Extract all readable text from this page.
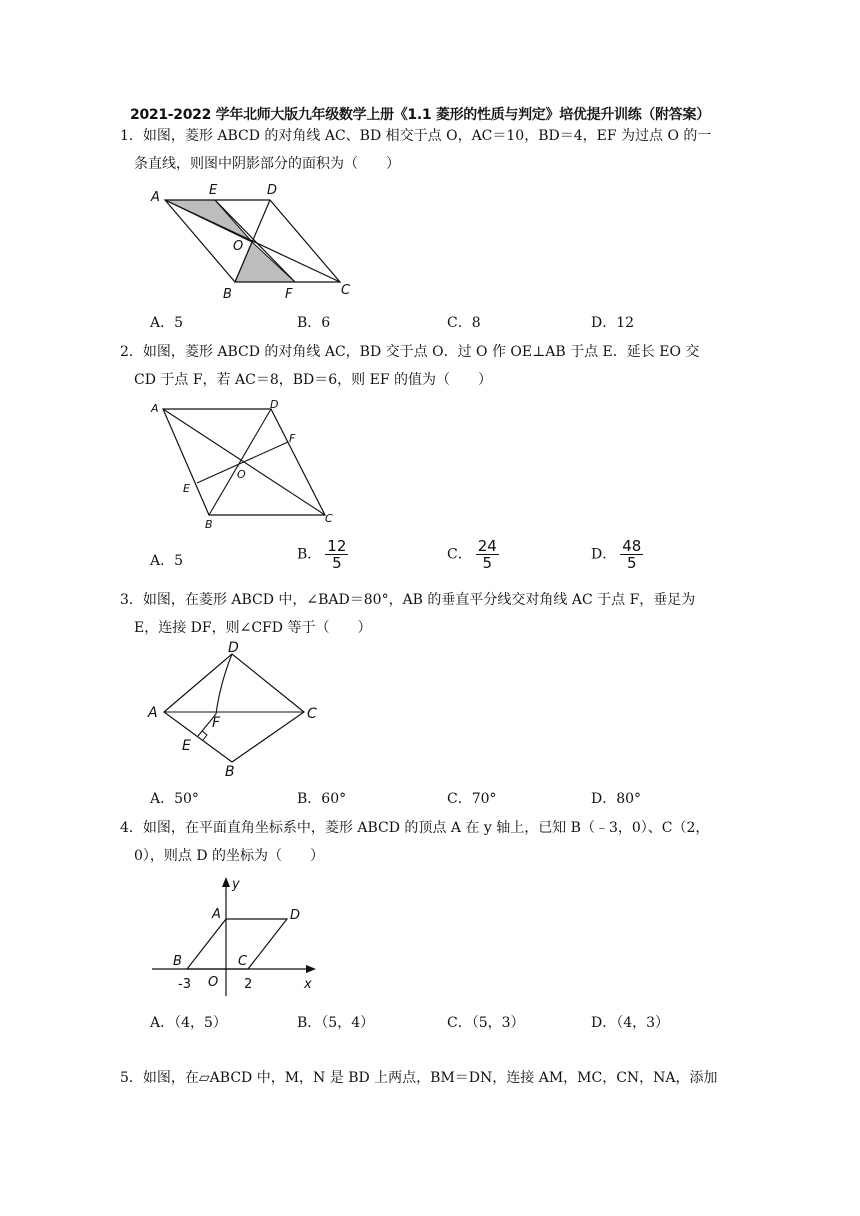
2021-2022 学年北师大版九年级数学上册《1.1 菱形的性质与判定》培优提升训练（附答案）
1．如图，菱形 ABCD 的对角线 AC、BD 相交于点 O，AC＝10，BD＝4，EF 为过点 O 的一
条直线，则图中阴影部分的面积为（　　）
A	E	D
O
B	F	C
A．5	B．6	C．8	D．12
2．如图，菱形 ABCD 的对角线 AC，BD 交于点 O．过 O 作 OE⊥AB 于点 E．延长 EO 交
CD 于点 F，若 AC＝8，BD＝6，则 EF 的值为（　　）
A	D
F
O
E
B	C
A．5	B． $\frac{12}{5}$	C． $\frac{24}{5}$	D． $\frac{48}{5}$
3．如图，在菱形 ABCD 中，∠BAD＝80°，AB 的垂直平分线交对角线 AC 于点 F，垂足为
E，连接 DF，则∠CFD 等于（　　）
D
A	C
F
E
B
A．50°	B．60°	C．70°	D．80°
4．如图，在平面直角坐标系中，菱形 ABCD 的顶点 A 在 y 轴上，已知 B（﹣3，0）、C（2，
0），则点 D 的坐标为（　　）
y
A	D
B	C
-3 O 2	x
A．（4，5）	B．（5，4）	C．（5，3）	D．（4，3）
5．如图，在▱ABCD 中，M，N 是 BD 上两点，BM＝DN，连接 AM，MC，CN，NA，添加
